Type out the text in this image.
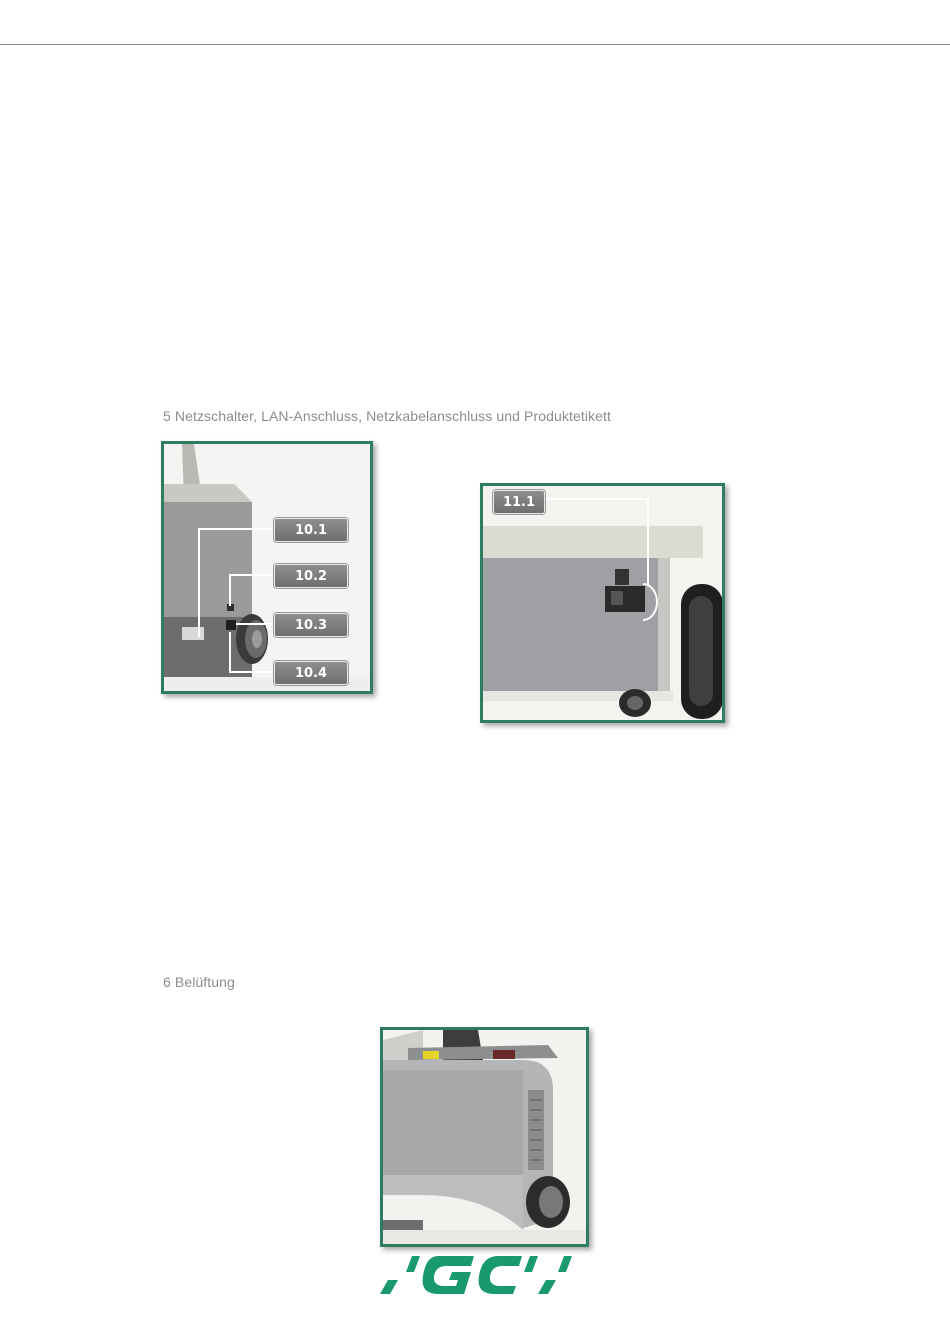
5 Netzschalter, LAN-Anschluss, Netzkabelanschluss und Produktetikett
10.1
10.2
10.3
10.4
11.1
6 Belüftung
